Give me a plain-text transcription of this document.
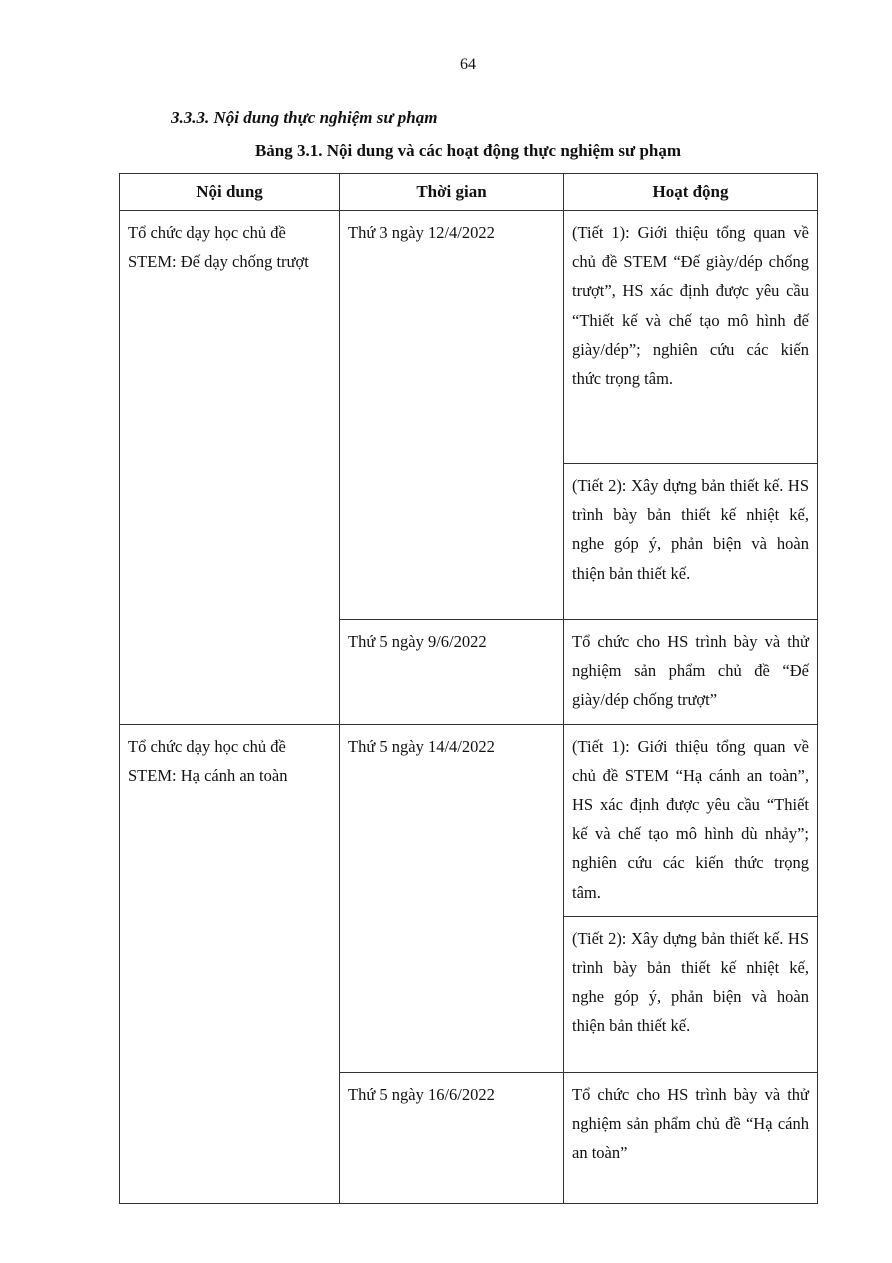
64
3.3.3. Nội dung thực nghiệm sư phạm
Bảng 3.1. Nội dung và các hoạt động thực nghiệm sư phạm
Nội dung	Thời gian	Hoạt động

Tổ chức dạy học chủ đề STEM: Đế dạy chống trượt	Thứ 3 ngày 12/4/2022	(Tiết 1): Giới thiệu tổng quan về chủ đề STEM “Đế giày/dép chống trượt”, HS xác định được yêu cầu “Thiết kế và chế tạo mô hình đế giày/dép”; nghiên cứu các kiến thức trọng tâm.

		(Tiết 2): Xây dựng bản thiết kế. HS trình bày bản thiết kế nhiệt kế, nghe góp ý, phản biện và hoàn thiện bản thiết kế.

	Thứ 5 ngày 9/6/2022	Tổ chức cho HS trình bày và thử nghiệm sản phẩm chủ đề “Đế giày/dép chống trượt”

Tổ chức dạy học chủ đề STEM: Hạ cánh an toàn	Thứ 5 ngày 14/4/2022	(Tiết 1): Giới thiệu tổng quan về chủ đề STEM “Hạ cánh an toàn”, HS xác định được yêu cầu “Thiết kế và chế tạo mô hình dù nhảy”; nghiên cứu các kiến thức trọng tâm.

		(Tiết 2): Xây dựng bản thiết kế. HS trình bày bản thiết kế nhiệt kế, nghe góp ý, phản biện và hoàn thiện bản thiết kế.

	Thứ 5 ngày 16/6/2022	Tổ chức cho HS trình bày và thử nghiệm sản phẩm chủ đề “Hạ cánh an toàn”
